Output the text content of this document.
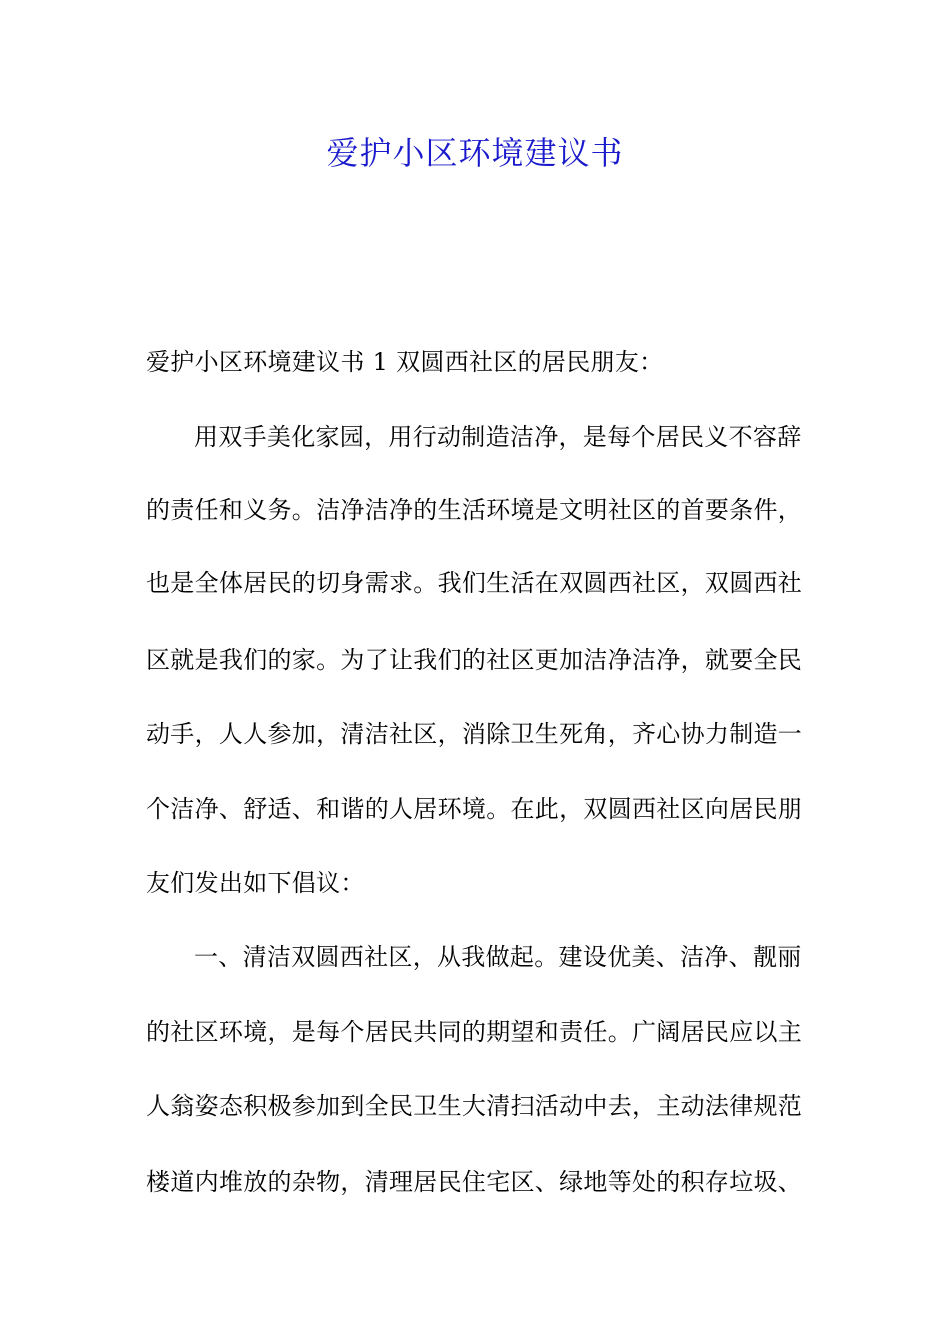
爱护小区环境建议书
爱护小区环境建议书 1 双圆西社区的居民朋友：
用双手美化家园，用行动制造洁净，是每个居民义不容辞
的责任和义务。洁净洁净的生活环境是文明社区的首要条件，
也是全体居民的切身需求。我们生活在双圆西社区，双圆西社
区就是我们的家。为了让我们的社区更加洁净洁净，就要全民
动手，人人参加，清洁社区，消除卫生死角，齐心协力制造一
个洁净、舒适、和谐的人居环境。在此，双圆西社区向居民朋
友们发出如下倡议：
一、清洁双圆西社区，从我做起。建设优美、洁净、靓丽
的社区环境，是每个居民共同的期望和责任。广阔居民应以主
人翁姿态积极参加到全民卫生大清扫活动中去，主动法律规范
楼道内堆放的杂物，清理居民住宅区、绿地等处的积存垃圾、
